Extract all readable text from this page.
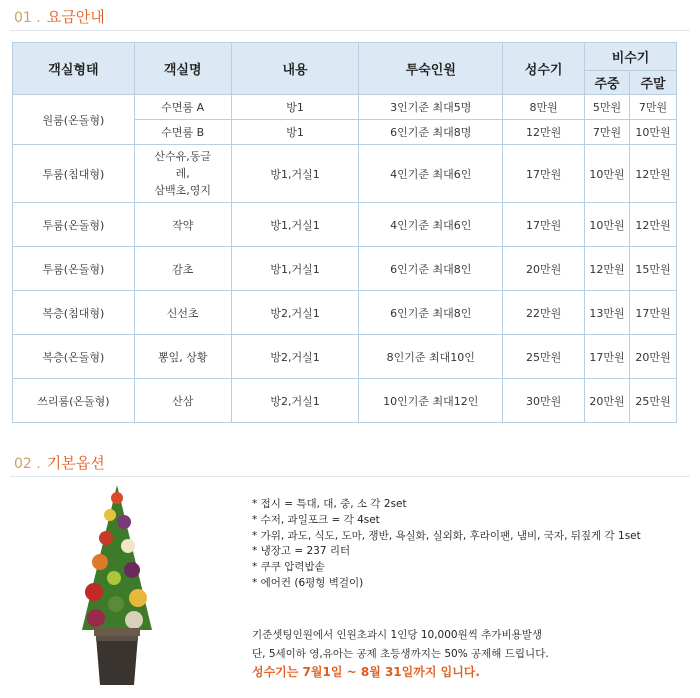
01 . 요금안내
객실형태	객실명	내용	투숙인원	성수기	비수기	
					주중	주말
원룸(온돌형)	수면룸 A	방1	3인기준 최대5명	8만원	5만원	7만원
	수면룸 B	방1	6인기준 최대8명	12만원	7만원	10만원
투룸(침대형)	산수유,동글
레,
삼백초,영지	방1,거실1	4인기준 최대6인	17만원	10만원	12만원
투룸(온돌형)	작약	방1,거실1	4인기준 최대6인	17만원	10만원	12만원
투룸(온돌형)	감초	방1,거실1	6인기준 최대8인	20만원	12만원	15만원
복층(침대형)	신선초	방2,거실1	6인기준 최대8인	22만원	13만원	17만원
복층(온돌형)	뽕잎, 상황	방2,거실1	8인기준 최대10인	25만원	17만원	20만원
쓰리룸(온돌형)	산삼	방2,거실1	10인기준 최대12인	30만원	20만원	25만원
02 . 기본옵션
* 접시 = 특대, 대, 중, 소 각 2set
* 수저, 과일포크 = 각 4set
* 가위, 과도, 식도, 도마, 쟁반, 욕실화, 실외화, 후라이팬, 냄비, 국자, 뒤짚게 각 1set
* 냉장고 = 237 리터
* 쿠쿠 압력밥솥
* 에어컨 (6평형 벽걸이)
기준셋팅인원에서 인원초과시 1인당 10,000원씩 추가비용발생
단, 5세이하 영,유아는 공제 초등생까지는 50% 공제해 드립니다.
성수기는 7월1일 ~ 8월 31일까지 입니다.
